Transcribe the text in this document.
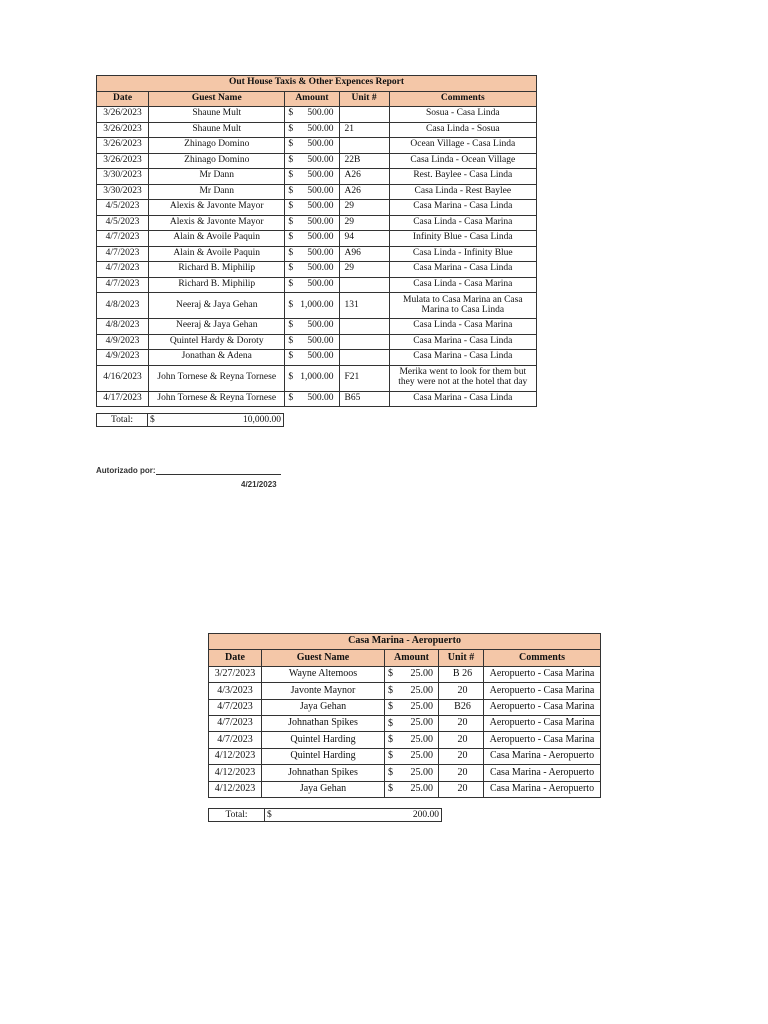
Out House Taxis & Other Expences Report				
Date	Guest Name	Amount	Unit #	Comments
3/26/2023	Shaune Mult	$ 500.00		Sosua - Casa Linda
3/26/2023	Shaune Mult	$ 500.00	21	Casa Linda - Sosua
3/26/2023	Zhinago Domino	$ 500.00		Ocean Village - Casa Linda
3/26/2023	Zhinago Domino	$ 500.00	22B	Casa Linda - Ocean Village
3/30/2023	Mr Dann	$ 500.00	A26	Rest. Baylee - Casa Linda
3/30/2023	Mr Dann	$ 500.00	A26	Casa Linda - Rest Baylee
4/5/2023	Alexis & Javonte Mayor	$ 500.00	29	Casa Marina - Casa Linda
4/5/2023	Alexis & Javonte Mayor	$ 500.00	29	Casa Linda - Casa Marina
4/7/2023	Alain & Avoile Paquin	$ 500.00	94	Infinity Blue - Casa Linda
4/7/2023	Alain & Avoile Paquin	$ 500.00	A96	Casa Linda - Infinity Blue
4/7/2023	Richard B. Miphilip	$ 500.00	29	Casa Marina - Casa Linda
4/7/2023	Richard B. Miphilip	$ 500.00		Casa Linda - Casa Marina
4/8/2023	Neeraj & Jaya Gehan	$ 1,000.00	131	Mulata to Casa Marina an Casa Marina to Casa Linda
4/8/2023	Neeraj & Jaya Gehan	$ 500.00		Casa Linda - Casa Marina
4/9/2023	Quintel Hardy & Doroty	$ 500.00		Casa Marina - Casa Linda
4/9/2023	Jonathan & Adena	$ 500.00		Casa Marina - Casa Linda
4/16/2023	John Tornese & Reyna Tornese	$ 1,000.00	F21	Merika went to look for them but they were not at the hotel that day
4/17/2023	John Tornese & Reyna Tornese	$ 500.00	B65	Casa Marina - Casa Linda
Total:	$	10,000.00
Autorizado por:
4/21/2023
Casa Marina - Aeropuerto				
Date	Guest Name	Amount	Unit #	Comments
3/27/2023	Wayne Altemoos	$ 25.00	B 26	Aeropuerto - Casa Marina
4/3/2023	Javonte Maynor	$ 25.00	20	Aeropuerto - Casa Marina
4/7/2023	Jaya Gehan	$ 25.00	B26	Aeropuerto - Casa Marina
4/7/2023	Johnathan Spikes	$ 25.00	20	Aeropuerto - Casa Marina
4/7/2023	Quintel Harding	$ 25.00	20	Aeropuerto - Casa Marina
4/12/2023	Quintel Harding	$ 25.00	20	Casa Marina - Aeropuerto
4/12/2023	Johnathan Spikes	$ 25.00	20	Casa Marina - Aeropuerto
4/12/2023	Jaya Gehan	$ 25.00	20	Casa Marina - Aeropuerto
Total:	$	200.00
